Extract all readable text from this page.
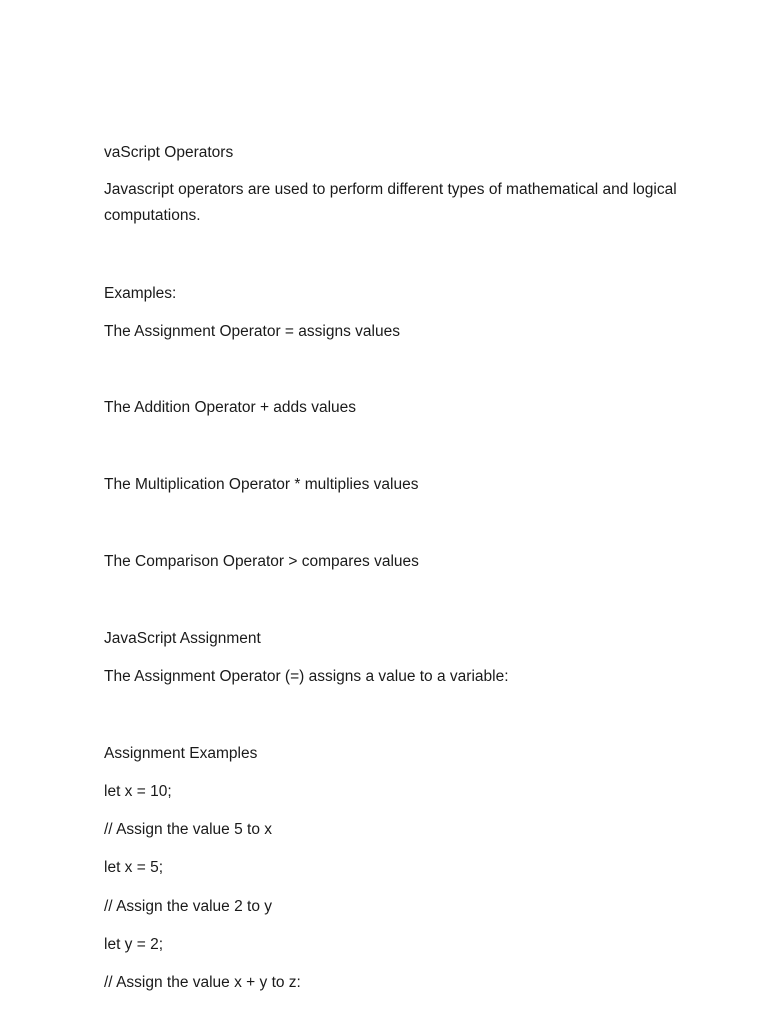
vaScript Operators

Javascript operators are used to perform different types of mathematical and logical computations.

Examples:

The Assignment Operator = assigns values

The Addition Operator + adds values

The Multiplication Operator * multiplies values

The Comparison Operator > compares values

JavaScript Assignment

The Assignment Operator (=) assigns a value to a variable:

Assignment Examples

let x = 10;

// Assign the value 5 to x

let x = 5;

// Assign the value 2 to y

let y = 2;

// Assign the value x + y to z:
